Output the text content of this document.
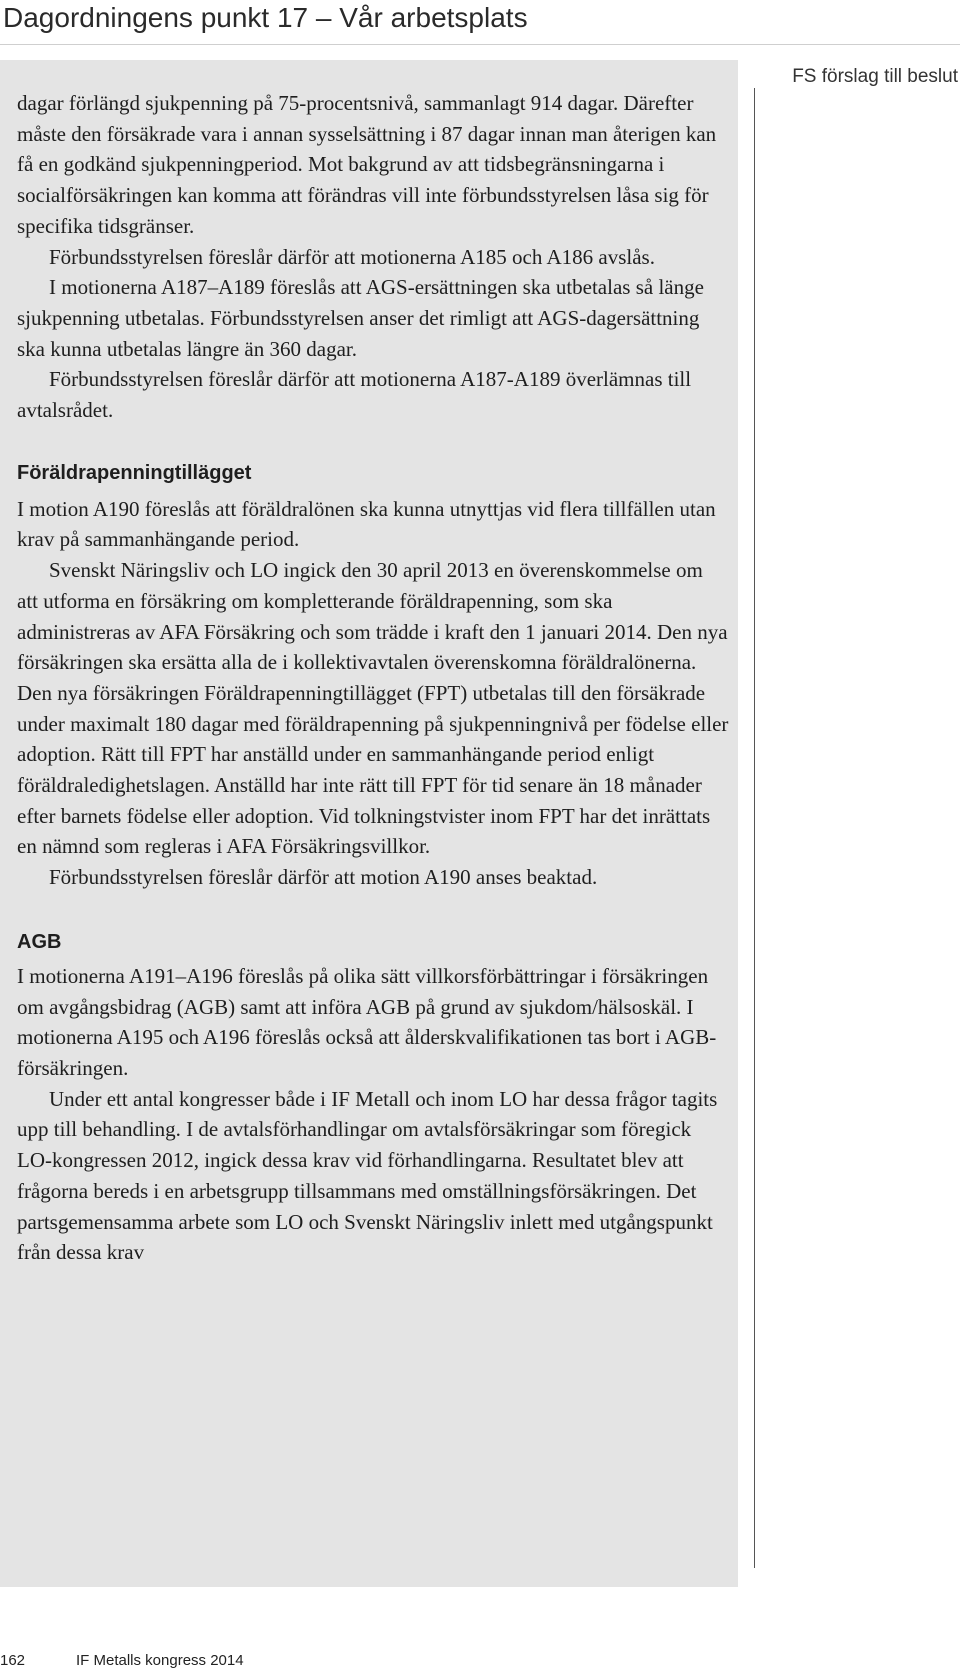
Dagordningens punkt 17 – Vår arbetsplats
FS förslag till beslut

dagar förlängd sjukpenning på 75-procentsnivå, sammanlagt 914 dagar. Därefter måste den försäkrade vara i annan sysselsättning i 87 dagar innan man återigen kan få en godkänd sjukpenningperiod. Mot bakgrund av att tidsbegränsningarna i socialförsäkringen kan komma att förändras vill inte förbundsstyrelsen låsa sig för specifika tidsgränser.

Förbundsstyrelsen föreslår därför att motionerna A185 och A186 avslås.

I motionerna A187–A189 föreslås att AGS-ersättningen ska utbetalas så länge sjukpenning utbetalas. Förbundsstyrelsen anser det rimligt att AGS-dagersättning ska kunna utbetalas längre än 360 dagar.

Förbundsstyrelsen föreslår därför att motionerna A187-A189 överlämnas till avtalsrådet.

Föräldrapenningtillägget

I motion A190 föreslås att föräldralönen ska kunna utnyttjas vid flera tillfällen utan krav på sammanhängande period.

Svenskt Näringsliv och LO ingick den 30 april 2013 en överenskommelse om att utforma en försäkring om kompletterande föräldrapenning, som ska administreras av AFA Försäkring och som trädde i kraft den 1 januari 2014. Den nya försäkringen ska ersätta alla de i kollektivavtalen överenskomna föräldralönerna. Den nya försäkringen Föräldrapenningtillägget (FPT) utbetalas till den försäkrade under maximalt 180 dagar med föräldrapenning på sjukpenningnivå per födelse eller adoption. Rätt till FPT har anställd under en sammanhängande period enligt föräldraledighetslagen. Anställd har inte rätt till FPT för tid senare än 18 månader efter barnets födelse eller adoption. Vid tolkningstvister inom FPT har det inrättats en nämnd som regleras i AFA Försäkringsvillkor.

Förbundsstyrelsen föreslår därför att motion A190 anses beaktad.

AGB

I motionerna A191–A196 föreslås på olika sätt villkorsförbättringar i försäkringen om avgångsbidrag (AGB) samt att införa AGB på grund av sjukdom/hälsoskäl. I motionerna A195 och A196 föreslås också att ålderskvalifikationen tas bort i AGB-försäkringen.

Under ett antal kongresser både i IF Metall och inom LO har dessa frågor tagits upp till behandling. I de avtalsförhandlingar om avtalsförsäkringar som föregick LO-kongressen 2012, ingick dessa krav vid förhandlingarna. Resultatet blev att frågorna bereds i en arbetsgrupp tillsammans med omställningsförsäkringen. Det partsgemensamma arbete som LO och Svenskt Näringsliv inlett med utgångspunkt från dessa krav

162	IF Metalls kongress 2014
